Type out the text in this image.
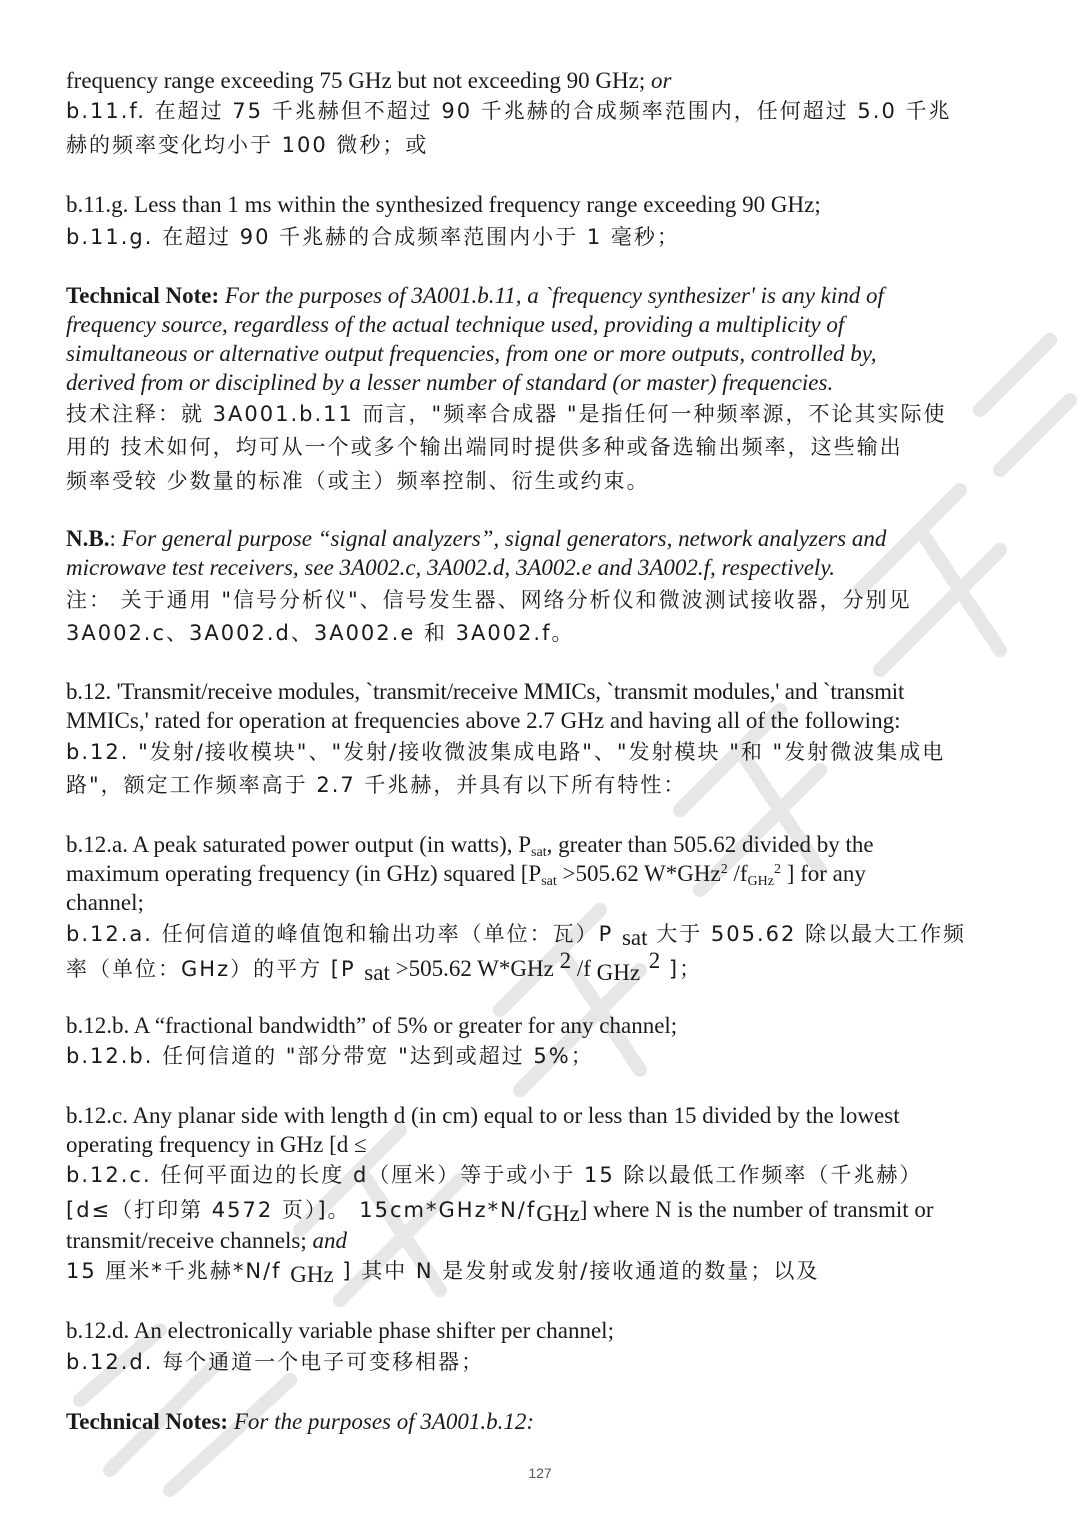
frequency range exceeding 75 GHz but not exceeding 90 GHz; or
b.11.f. 在超过 75 千兆赫但不超过 90 千兆赫的合成频率范围内，任何超过 5.0 千兆
赫的频率变化均小于 100 微秒；或
b.11.g. Less than 1 ms within the synthesized frequency range exceeding 90 GHz;
b.11.g. 在超过 90 千兆赫的合成频率范围内小于 1 毫秒；
Technical Note: For the purposes of 3A001.b.11, a `frequency synthesizer' is any kind of
frequency source, regardless of the actual technique used, providing a multiplicity of
simultaneous or alternative output frequencies, from one or more outputs, controlled by,
derived from or disciplined by a lesser number of standard (or master) frequencies.
技术注释：就 3A001.b.11 而言，"频率合成器 "是指任何一种频率源，不论其实际使
用的 技术如何，均可从一个或多个输出端同时提供多种或备选输出频率，这些输出
频率受较 少数量的标准（或主）频率控制、衍生或约束。
N.B.: For general purpose “signal analyzers”, signal generators, network analyzers and
microwave test receivers, see 3A002.c, 3A002.d, 3A002.e and 3A002.f, respectively.
注： 关于通用 "信号分析仪"、信号发生器、网络分析仪和微波测试接收器，分别见
3A002.c、3A002.d、3A002.e 和 3A002.f。
b.12. 'Transmit/receive modules, `transmit/receive MMICs, `transmit modules,' and `transmit
MMICs,' rated for operation at frequencies above 2.7 GHz and having all of the following:
b.12. "发射/接收模块"、"发射/接收微波集成电路"、"发射模块 "和 "发射微波集成电
路"，额定工作频率高于 2.7 千兆赫，并具有以下所有特性：
b.12.a. A peak saturated power output (in watts), $P_{sat}$, greater than 505.62 divided by the
maximum operating frequency (in GHz) squared [$P_{sat} >505.62$ W*GHz$^2$ $/f_{GHz}^2$ ] for any
channel;
b.12.a. 任何信道的峰值饱和输出功率（单位：瓦）P $_{sat}$ 大于 505.62 除以最大工作频
率（单位：GHz）的平方 [P $_{sat}$ >505.62 W*GHz $^2$ /f $_{GHz}$ $^2$ ]；
b.12.b. A “fractional bandwidth” of 5% or greater for any channel;
b.12.b. 任何信道的 "部分带宽 "达到或超过 5%；
b.12.c. Any planar side with length d (in cm) equal to or less than 15 divided by the lowest
operating frequency in GHz [d ≤
b.12.c. 任何平面边的长度 d（厘米）等于或小于 15 除以最低工作频率（千兆赫）
[d≤（打印第 4572 页）]。 $15cm*GHz*N/f_{GHz}$] where N is the number of transmit or
transmit/receive channels; and
15 厘米*千兆赫*N/f $_{GHz}$ ] 其中 N 是发射或发射/接收通道的数量；以及
b.12.d. An electronically variable phase shifter per channel;
b.12.d. 每个通道一个电子可变移相器；
Technical Notes: For the purposes of 3A001.b.12:
127
